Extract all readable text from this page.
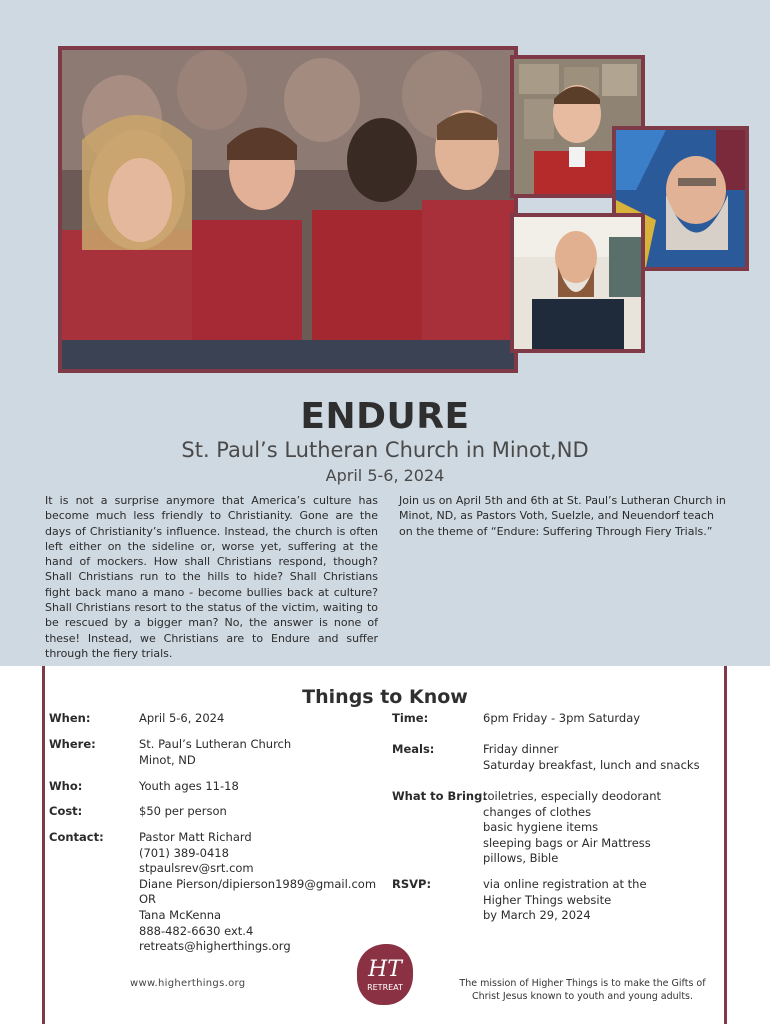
ENDURE
St. Paul’s Lutheran Church in Minot,ND
April 5-6, 2024
It is not a surprise anymore that America’s culture has become much less friendly to Christianity. Gone are the days of Christianity’s influence. Instead, the church is often left either on the sideline or, worse yet, suffering at the hand of mockers. How shall Christians respond, though? Shall Christians run to the hills to hide? Shall Christians fight back mano a mano - become bullies back at culture? Shall Christians resort to the status of the victim, waiting to be rescued by a bigger man? No, the answer is none of these! Instead, we Christians are to Endure and suffer through the fiery trials.
Join us on April 5th and 6th at St. Paul’s Lutheran Church in Minot, ND, as Pastors Voth, Suelzle, and Neuendorf teach on the theme of “Endure: Suffering Through Fiery Trials.”
Things to Know
When:	April 5-6, 2024
Where:	St. Paul’s Lutheran Church
Minot, ND
Who:	Youth ages 11-18
Cost:	$50 per person
Contact:	Pastor Matt Richard
(701) 389-0418
stpaulsrev@srt.com
Diane Pierson/dipierson1989@gmail.com
OR
Tana McKenna
888-482-6630 ext.4
retreats@higherthings.org
Time:	6pm Friday - 3pm Saturday
Meals:	Friday dinner
Saturday breakfast, lunch and snacks
What to Bring:
toiletries, especially deodorant
changes of clothes
basic hygiene items
sleeping bags or Air Mattress
pillows, Bible
RSVP:	via online registration at the
Higher Things website
by March 29, 2024
www.higherthings.org
HT
RETREAT	The mission of Higher Things is to make the Gifts of Christ Jesus known to youth and young adults.
